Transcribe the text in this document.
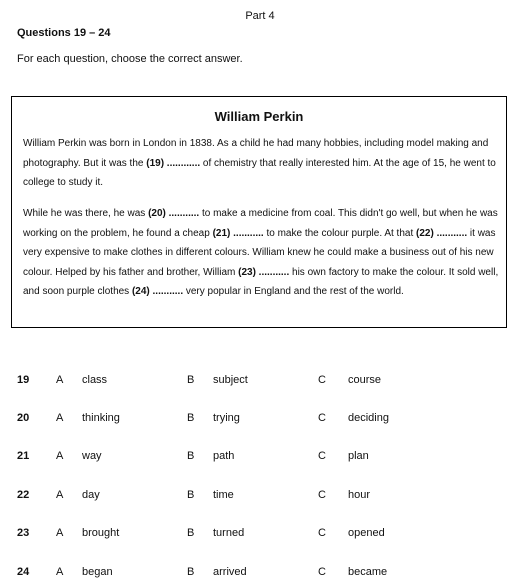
Part 4
Questions 19 – 24
For each question, choose the correct answer.
William Perkin

William Perkin was born in London in 1838. As a child he had many hobbies, including model making and photography. But it was the (19) ............ of chemistry that really interested him. At the age of 15, he went to college to study it.

While he was there, he was (20) ........... to make a medicine from coal. This didn't go well, but when he was working on the problem, he found a cheap (21) ........... to make the colour purple. At that (22) ........... it was very expensive to make clothes in different colours. William knew he could make a business out of his new colour. Helped by his father and brother, William (23) ........... his own factory to make the colour. It sold well, and soon purple clothes (24) ........... very popular in England and the rest of the world.

19 A class	B subject	C course
20 A thinking	B trying	C deciding
21 A way	B path	C plan
22 A day	B time	C hour
23 A brought	B turned	C opened
24 A began	B arrived	C became
